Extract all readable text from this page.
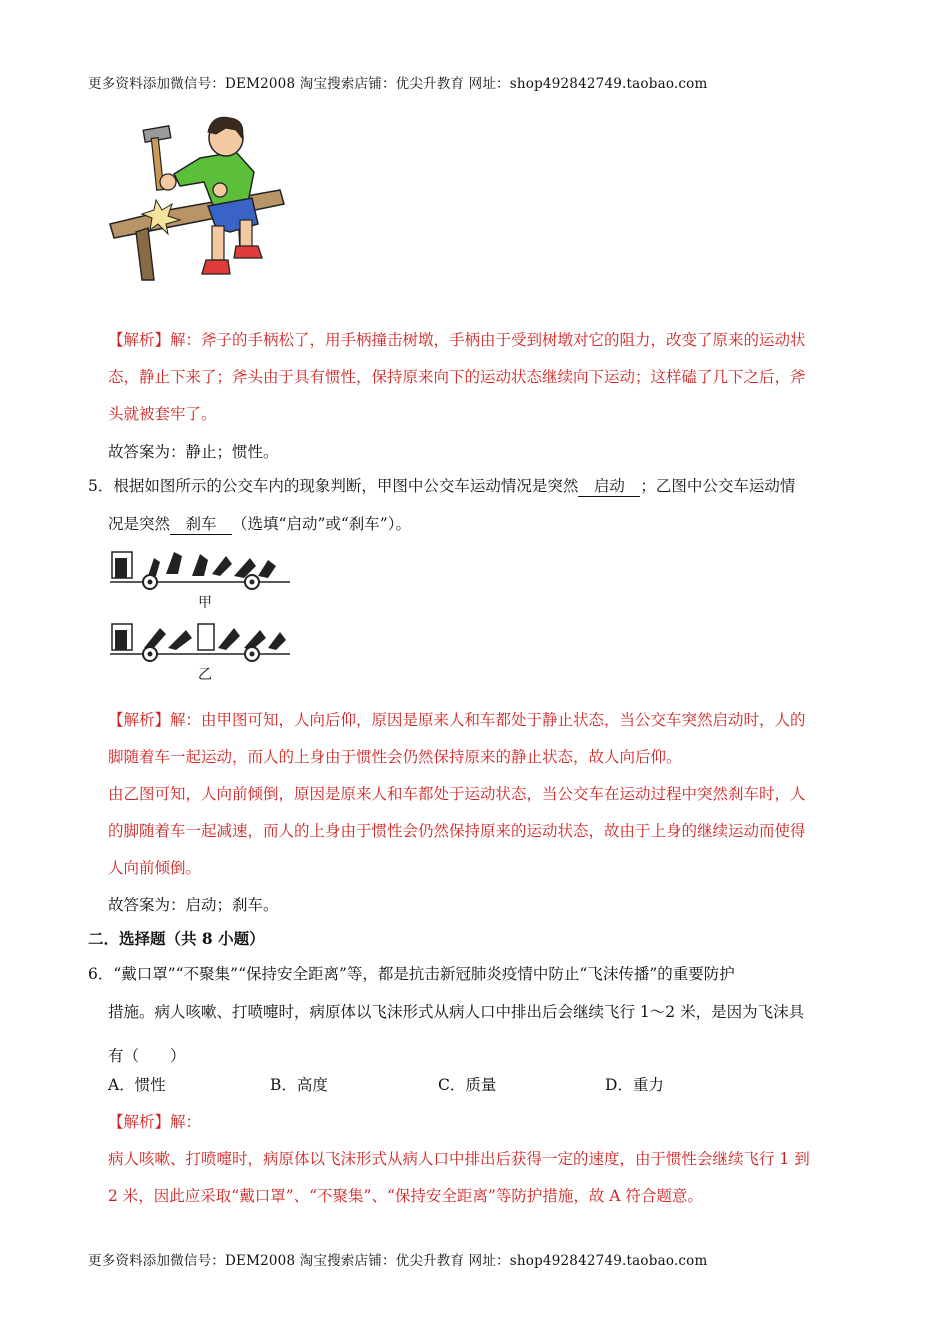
更多资料添加微信号：DEM2008 淘宝搜索店铺：优尖升教育 网址：shop492842749.taobao.com
【解析】解：斧子的手柄松了，用手柄撞击树墩，手柄由于受到树墩对它的阻力，改变了原来的运动状
态，静止下来了；斧头由于具有惯性，保持原来向下的运动状态继续向下运动；这样磕了几下之后，斧
头就被套牢了。
故答案为：静止；惯性。
5．根据如图所示的公交车内的现象判断，甲图中公交车运动情况是突然 启动 ；乙图中公交车运动情
况是突然 刹车 （选填“启动”或“刹车”）。
甲
乙
【解析】解：由甲图可知，人向后仰，原因是原来人和车都处于静止状态，当公交车突然启动时，人的
脚随着车一起运动，而人的上身由于惯性会仍然保持原来的静止状态，故人向后仰。
由乙图可知，人向前倾倒，原因是原来人和车都处于运动状态，当公交车在运动过程中突然刹车时，人
的脚随着车一起减速，而人的上身由于惯性会仍然保持原来的运动状态，故由于上身的继续运动而使得
人向前倾倒。
故答案为：启动；刹车。
二．选择题（共 8 小题）
6．“戴口罩”“不聚集”“保持安全距离”等，都是抗击新冠肺炎疫情中防止“飞沫传播”的重要防护
措施。病人咳嗽、打喷嚏时，病原体以飞沫形式从病人口中排出后会继续飞行 1～2 米，是因为飞沫具 有（　　）
A．惯性	B．高度	C．质量	D．重力
【解析】解：
病人咳嗽、打喷嚏时，病原体以飞沫形式从病人口中排出后获得一定的速度，由于惯性会继续飞行 1 到
2 米，因此应采取“戴口罩”、“不聚集”、“保持安全距离”等防护措施，故 A 符合题意。
更多资料添加微信号：DEM2008 淘宝搜索店铺：优尖升教育 网址：shop492842749.taobao.com
